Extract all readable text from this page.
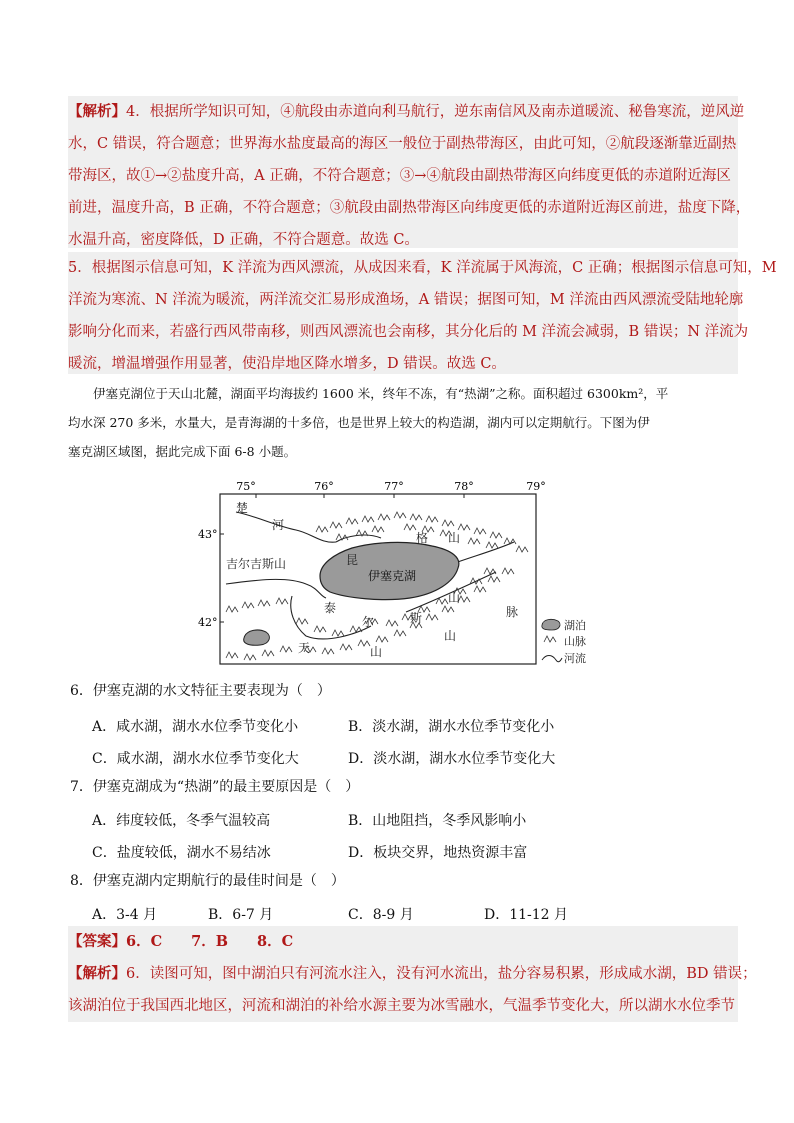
【解析】4．根据所学知识可知，④航段由赤道向利马航行，逆东南信风及南赤道暖流、秘鲁寒流，逆风逆
水，C 错误，符合题意；世界海水盐度最高的海区一般位于副热带海区，由此可知，②航段逐渐靠近副热
带海区，故①→②盐度升高，A 正确，不符合题意；③→④航段由副热带海区向纬度更低的赤道附近海区
前进，温度升高，B 正确，不符合题意；③航段由副热带海区向纬度更低的赤道附近海区前进，盐度下降，
水温升高，密度降低，D 正确，不符合题意。故选 C。
5．根据图示信息可知，K 洋流为西风漂流，从成因来看，K 洋流属于风海流，C 正确；根据图示信息可知，M
洋流为寒流、N 洋流为暖流，两洋流交汇易形成渔场，A 错误；据图可知，M 洋流由西风漂流受陆地轮廓
影响分化而来，若盛行西风带南移，则西风漂流也会南移，其分化后的 M 洋流会减弱，B 错误；N 洋流为
暖流，增温增强作用显著，使沿岸地区降水增多，D 错误。故选 C。
　　伊塞克湖位于天山北麓，湖面平均海拔约 1600 米，终年不冻，有“热湖”之称。面积超过 6300km²，平
均水深 270 多米，水量大，是青海湖的十多倍，也是世界上较大的构造湖，湖内可以定期航行。下图为伊
塞克湖区域图，据此完成下面 6-8 小题。
75°	76°	77°	78°	79°
43°
42°
伊塞克湖
楚
河
吉尔吉斯山	昆
格 山
泰
尔
山
斯
山
脉
天	山
湖泊
山脉
河流
6．伊塞克湖的水文特征主要表现为（　）
A．咸水湖，湖水水位季节变化小	B．淡水湖，湖水水位季节变化小
C．咸水湖，湖水水位季节变化大	D．淡水湖，湖水水位季节变化大
7．伊塞克湖成为“热湖”的最主要原因是（　）
A．纬度较低，冬季气温较高	B．山地阻挡，冬季风影响小
C．盐度较低，湖水不易结冰	D．板块交界，地热资源丰富
8．伊塞克湖内定期航行的最佳时间是（　）
A．3-4 月	B．6-7 月	C．8-9 月	D．11-12 月
【答案】6．C　　7．B　　8．C
【解析】6．读图可知，图中湖泊只有河流水注入，没有河水流出，盐分容易积累，形成咸水湖，BD 错误；
该湖泊位于我国西北地区，河流和湖泊的补给水源主要为冰雪融水，气温季节变化大，所以湖水水位季节
